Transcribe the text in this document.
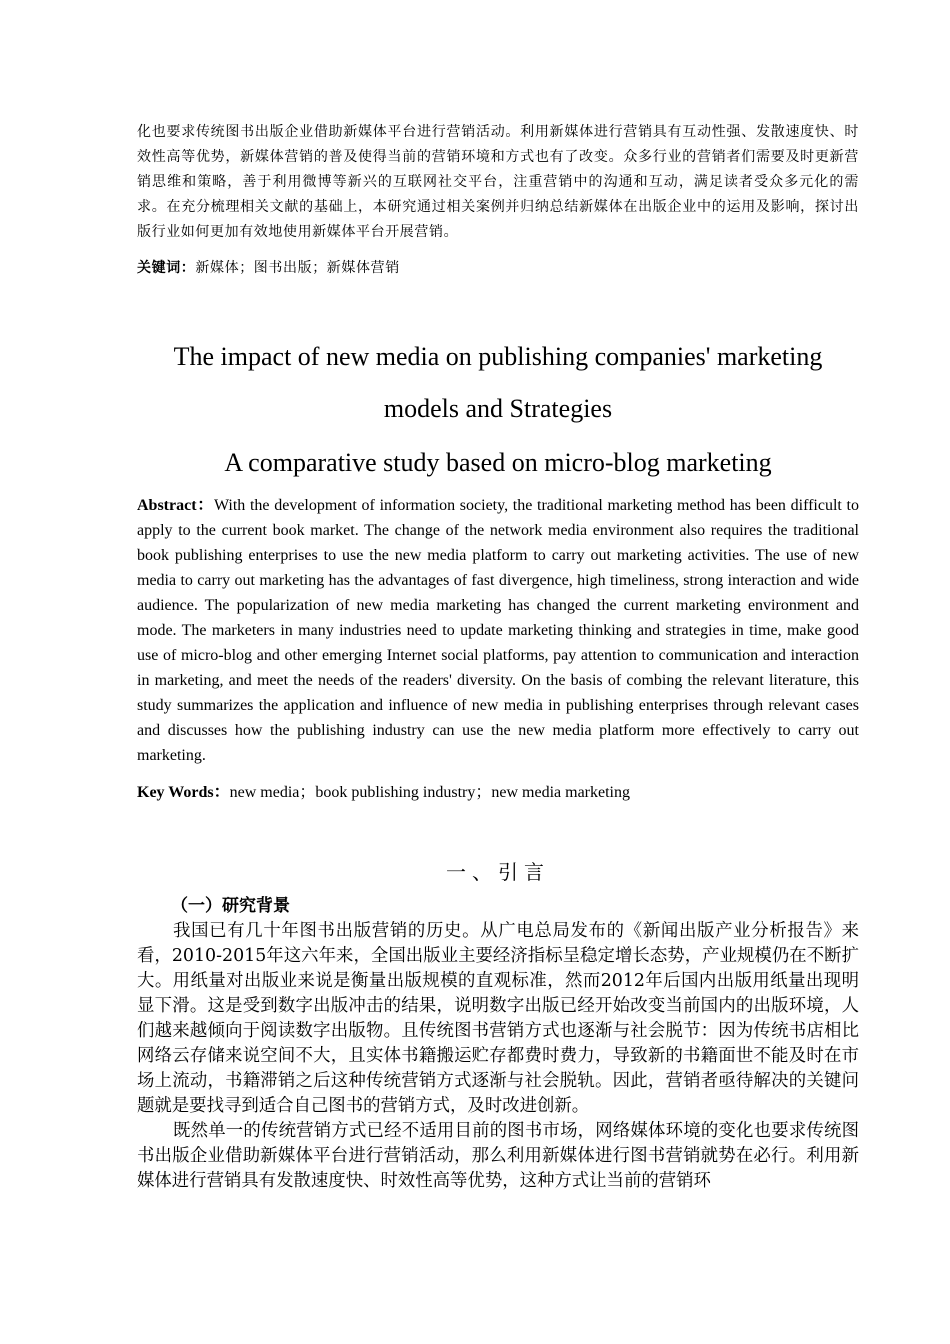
化也要求传统图书出版企业借助新媒体平台进行营销活动。利用新媒体进行营销具有互动性强、发散速度快、时效性高等优势，新媒体营销的普及使得当前的营销环境和方式也有了改变。众多行业的营销者们需要及时更新营销思维和策略，善于利用微博等新兴的互联网社交平台，注重营销中的沟通和互动，满足读者受众多元化的需求。在充分梳理相关文献的基础上，本研究通过相关案例并归纳总结新媒体在出版企业中的运用及影响，探讨出版行业如何更加有效地使用新媒体平台开展营销。

关键词：新媒体；图书出版；新媒体营销
The impact of new media on publishing companies' marketing models and Strategies
A comparative study based on micro-blog marketing
Abstract：With the development of information society, the traditional marketing method has been difficult to apply to the current book market. The change of the network media environment also requires the traditional book publishing enterprises to use the new media platform to carry out marketing activities. The use of new media to carry out marketing has the advantages of fast divergence, high timeliness, strong interaction and wide audience. The popularization of new media marketing has changed the current marketing environment and mode. The marketers in many industries need to update marketing thinking and strategies in time, make good use of micro-blog and other emerging Internet social platforms, pay attention to communication and interaction in marketing, and meet the needs of the readers' diversity. On the basis of combing the relevant literature, this study summarizes the application and influence of new media in publishing enterprises through relevant cases and discusses how the publishing industry can use the new media platform more effectively to carry out marketing.
Key Words：new media；book publishing industry；new media marketing
一、引言
（一）研究背景

我国已有几十年图书出版营销的历史。从广电总局发布的《新闻出版产业分析报告》来看，2010-2015年这六年来，全国出版业主要经济指标呈稳定增长态势，产业规模仍在不断扩大。用纸量对出版业来说是衡量出版规模的直观标准，然而2012年后国内出版用纸量出现明显下滑。这是受到数字出版冲击的结果，说明数字出版已经开始改变当前国内的出版环境，人们越来越倾向于阅读数字出版物。且传统图书营销方式也逐渐与社会脱节：因为传统书店相比网络云存储来说空间不大，且实体书籍搬运贮存都费时费力，导致新的书籍面世不能及时在市场上流动，书籍滞销之后这种传统营销方式逐渐与社会脱轨。因此，营销者亟待解决的关键问题就是要找寻到适合自己图书的营销方式，及时改进创新。

既然单一的传统营销方式已经不适用目前的图书市场，网络媒体环境的变化也要求传统图书出版企业借助新媒体平台进行营销活动，那么利用新媒体进行图书营销就势在必行。利用新媒体进行营销具有发散速度快、时效性高等优势，这种方式让当前的营销环
